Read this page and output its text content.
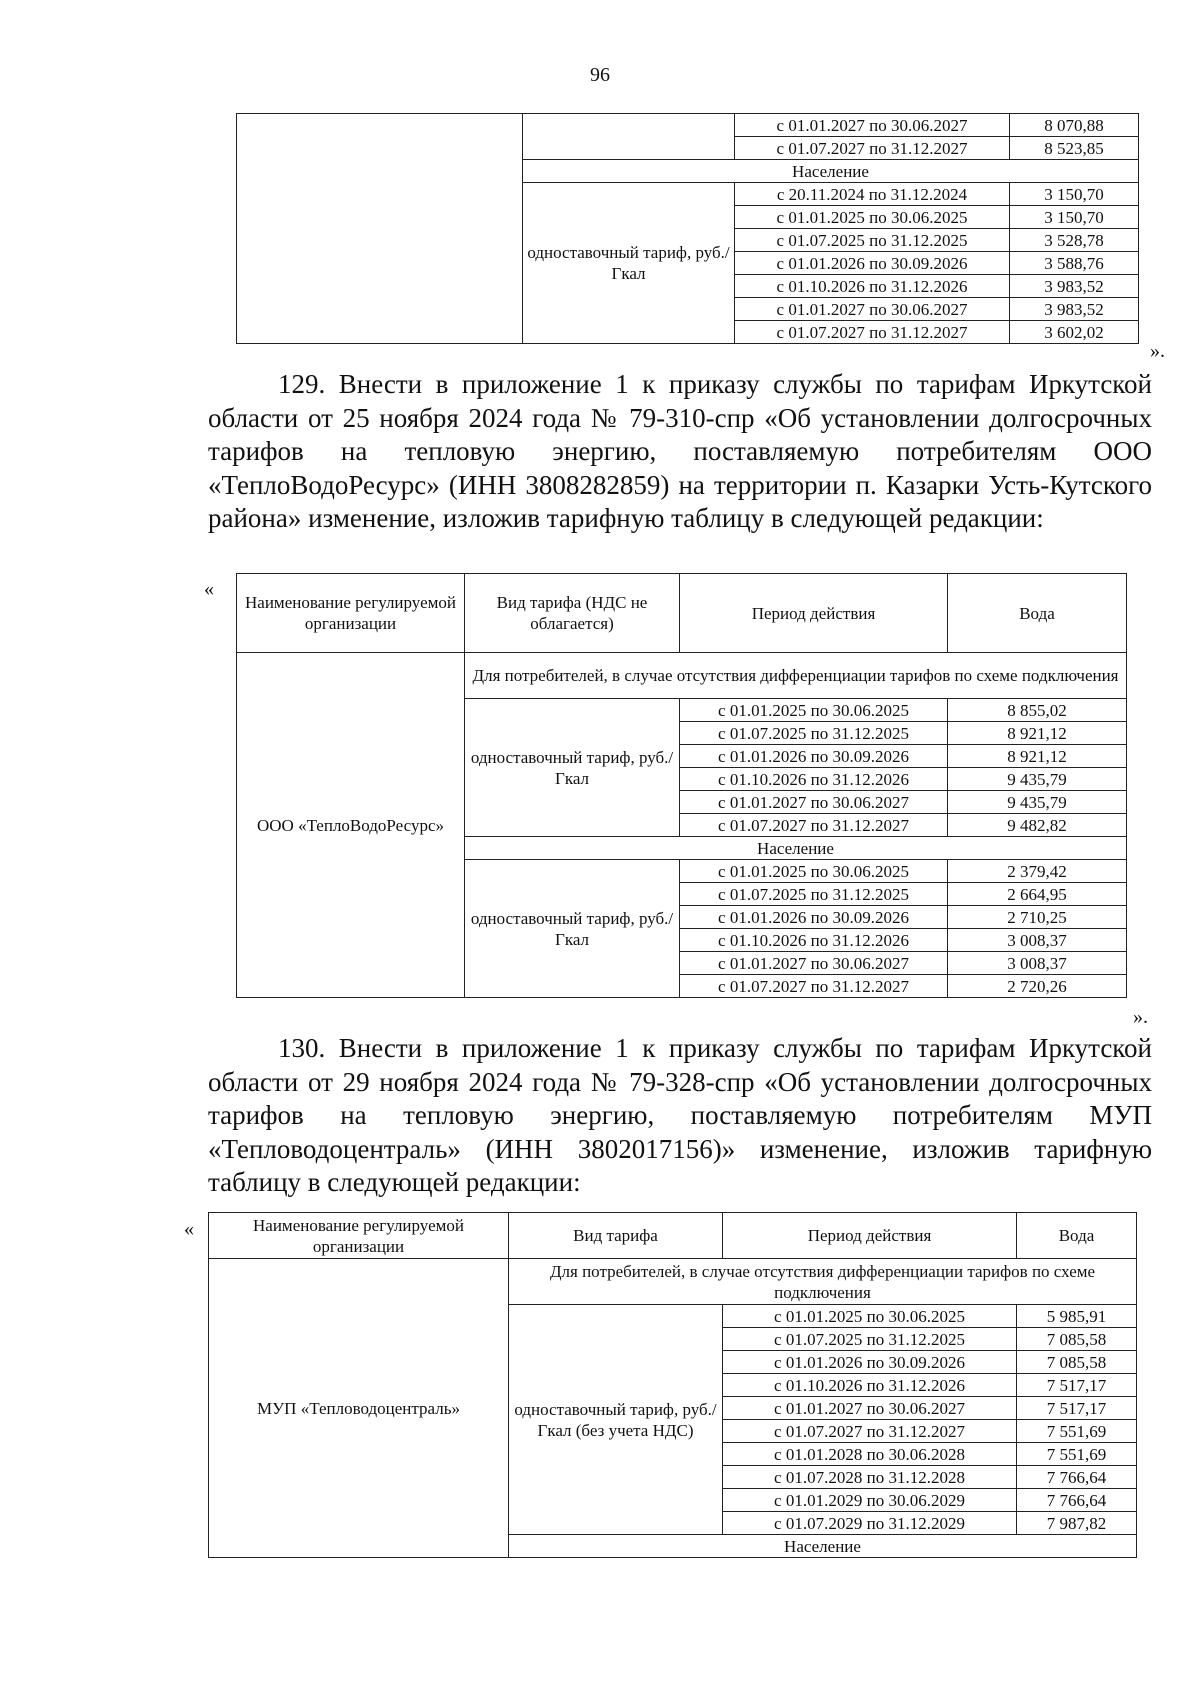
96
		с 01.01.2027 по 30.06.2027	8 070,88
		с 01.07.2027 по 31.12.2027	8 523,85
	Население		
	одноставочный тариф, руб./Гкал	с 20.11.2024 по 31.12.2024	3 150,70
		с 01.01.2025 по 30.06.2025	3 150,70
		с 01.07.2025 по 31.12.2025	3 528,78
		с 01.01.2026 по 30.09.2026	3 588,76
		с 01.10.2026 по 31.12.2026	3 983,52
		с 01.01.2027 по 30.06.2027	3 983,52
		с 01.07.2027 по 31.12.2027	3 602,02
».
129. Внести в приложение 1 к приказу службы по тарифам Иркутской области от 25 ноября 2024 года № 79-310-спр «Об установлении долгосрочных тарифов на тепловую энергию, поставляемую потребителям ООО «ТеплоВодоРесурс» (ИНН 3808282859) на территории п. Казарки Усть-Кутского района» изменение, изложив тарифную таблицу в следующей редакции:
«
Наименование регулируемой организации	Вид тарифа (НДС не облагается)	Период действия	Вода
ООО «ТеплоВодоРесурс»	Для потребителей, в случае отсутствия дифференциации тарифов по схеме подключения		
	одноставочный тариф, руб./Гкал	с 01.01.2025 по 30.06.2025	8 855,02
		с 01.07.2025 по 31.12.2025	8 921,12
		с 01.01.2026 по 30.09.2026	8 921,12
		с 01.10.2026 по 31.12.2026	9 435,79
		с 01.01.2027 по 30.06.2027	9 435,79
		с 01.07.2027 по 31.12.2027	9 482,82
	Население		
	одноставочный тариф, руб./Гкал	с 01.01.2025 по 30.06.2025	2 379,42
		с 01.07.2025 по 31.12.2025	2 664,95
		с 01.01.2026 по 30.09.2026	2 710,25
		с 01.10.2026 по 31.12.2026	3 008,37
		с 01.01.2027 по 30.06.2027	3 008,37
		с 01.07.2027 по 31.12.2027	2 720,26
».
130. Внести в приложение 1 к приказу службы по тарифам Иркутской области от 29 ноября 2024 года № 79-328-спр «Об установлении долгосрочных тарифов на тепловую энергию, поставляемую потребителям МУП «Тепловодоцентраль» (ИНН 3802017156)» изменение, изложив тарифную таблицу в следующей редакции:
«	Наименование регулируемой организации	Вид тарифа	Период действия	Вода
МУП «Тепловодоцентраль»	Для потребителей, в случае отсутствия дифференциации тарифов по схеме подключения		
	одноставочный тариф, руб./Гкал (без учета НДС)	с 01.01.2025 по 30.06.2025	5 985,91
		с 01.07.2025 по 31.12.2025	7 085,58
		с 01.01.2026 по 30.09.2026	7 085,58
		с 01.10.2026 по 31.12.2026	7 517,17
		с 01.01.2027 по 30.06.2027	7 517,17
		с 01.07.2027 по 31.12.2027	7 551,69
		с 01.01.2028 по 30.06.2028	7 551,69
		с 01.07.2028 по 31.12.2028	7 766,64
		с 01.01.2029 по 30.06.2029	7 766,64
		с 01.07.2029 по 31.12.2029	7 987,82
	Население		
